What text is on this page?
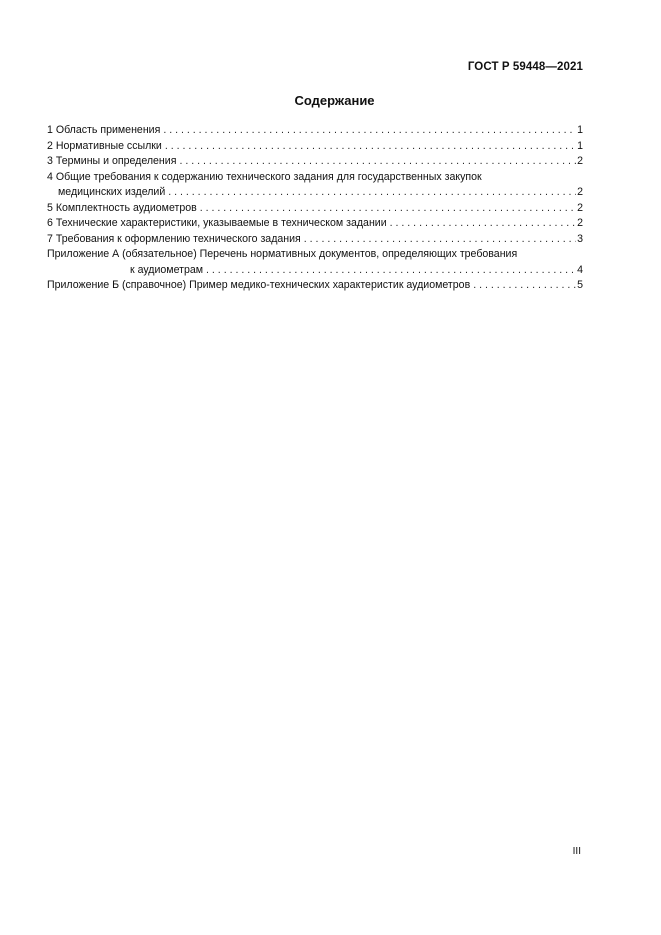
ГОСТ Р 59448—2021
Содержание
1 Область применения . . .	1
2 Нормативные ссылки . . .	1
3 Термины и определения . . .	2
4 Общие требования к содержанию технического задания для государственных закупок
медицинских изделий . . .	2
5 Комплектность аудиометров . . .	2
6 Технические характеристики, указываемые в техническом задании . . .	2
7 Требования к оформлению технического задания . . .	3
Приложение А (обязательное) Перечень нормативных документов, определяющих требования
к аудиометрам . . .	4
Приложение Б (справочное) Пример медико-технических характеристик аудиометров . . .	5
III
